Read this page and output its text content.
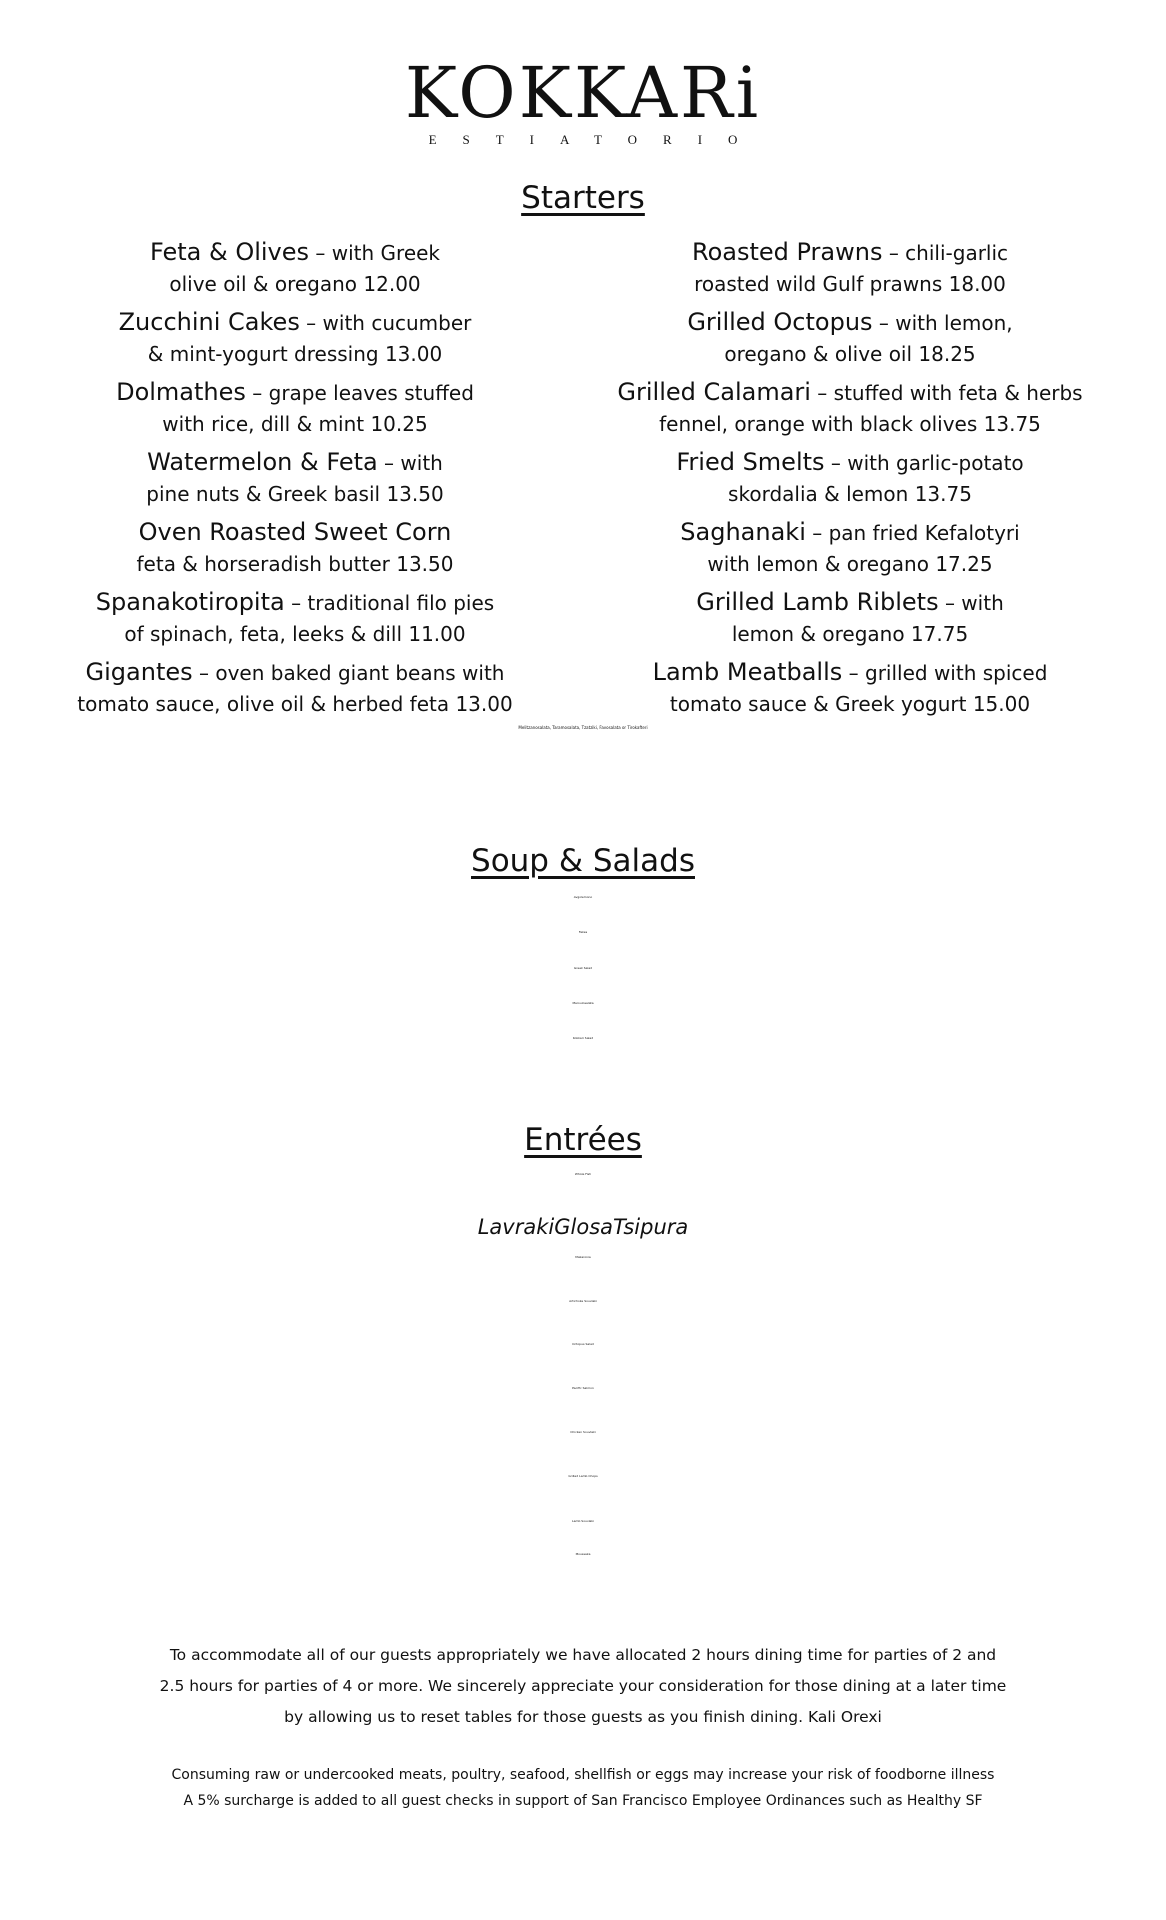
KOKKARi
ESTIATORIO
Starters
Feta & Olives – with Greek
olive oil & oregano 12.00
Zucchini Cakes – with cucumber
& mint-yogurt dressing 13.00
Dolmathes – grape leaves stuffed
with rice, dill & mint 10.25
Watermelon & Feta – with
pine nuts & Greek basil 13.50
Oven Roasted Sweet Corn
feta & horseradish butter 13.50
Spanakotiropita – traditional filo pies
of spinach, feta, leeks & dill 11.00
Gigantes – oven baked giant beans with
tomato sauce, olive oil & herbed feta 13.00
Roasted Prawns – chili-garlic
roasted wild Gulf prawns 18.00
Grilled Octopus – with lemon,
oregano & olive oil 18.25
Grilled Calamari – stuffed with feta & herbs
fennel, orange with black olives 13.75
Fried Smelts – with garlic-potato
skordalia & lemon 13.75
Saghanaki – pan fried Kefalotyri
with lemon & oregano 17.25
Grilled Lamb Riblets – with
lemon & oregano 17.75
Lamb Meatballs – grilled with spiced
tomato sauce & Greek yogurt 15.00
Melitzanosalata, Taramosalata, Tzatziki, Favosalata or Tirokafteri
Soup & Salads
Avgolemono
Fakes
Greek Salad
Maroulosalata
Kokkari Salad
Entrées
Whole Fish
LavrakiGlosaTsipura
Makaronia
Artichoke Souvlaki
Octopus Salad
Pacific Salmon
Chicken Souvlaki
Grilled Lamb Chops
Lamb Souvlaki
Moussaka
To accommodate all of our guests appropriately we have allocated 2 hours dining time for parties of 2 and
2.5 hours for parties of 4 or more. We sincerely appreciate your consideration for those dining at a later time
by allowing us to reset tables for those guests as you finish dining. Kali Orexi
Consuming raw or undercooked meats, poultry, seafood, shellfish or eggs may increase your risk of foodborne illness
A 5% surcharge is added to all guest checks in support of San Francisco Employee Ordinances such as Healthy SF
